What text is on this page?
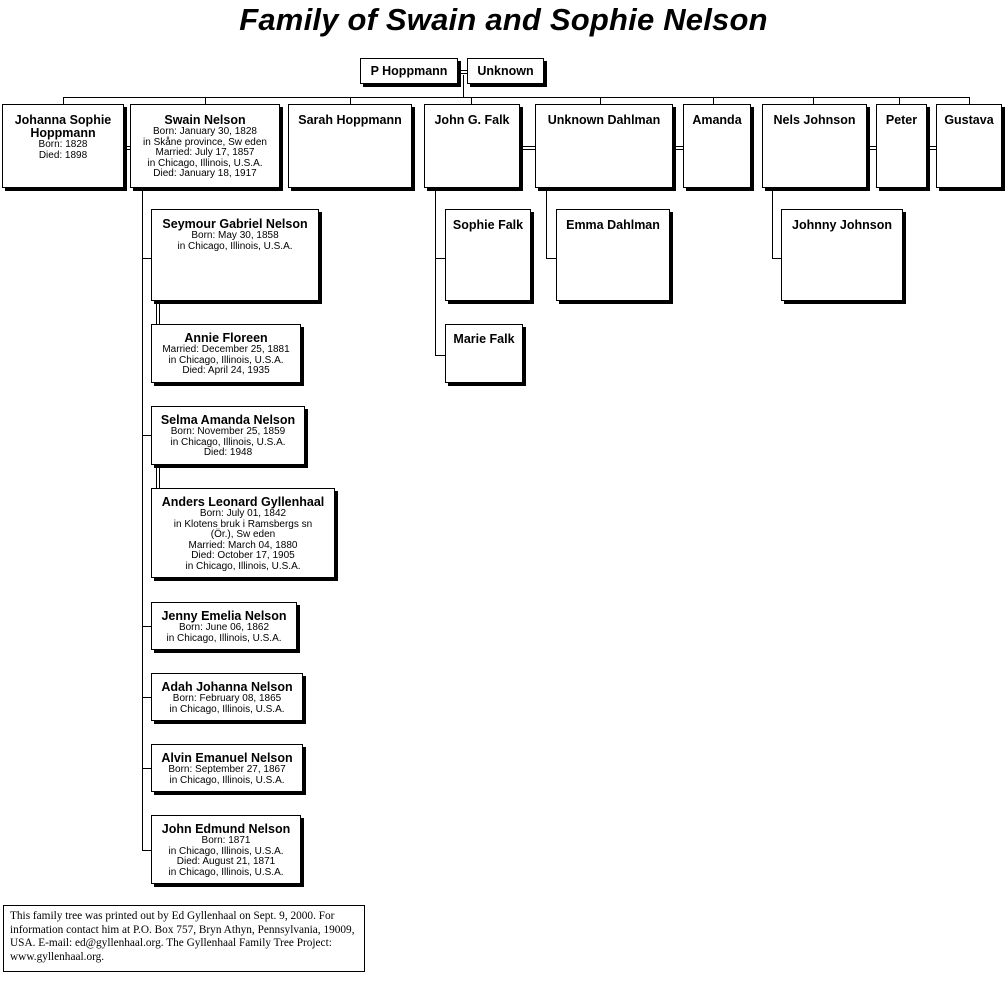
Family of Swain and Sophie Nelson
P Hoppmann	Unknown
Johanna Sophie Hoppmann
Born: 1828
Died: 1898
Swain Nelson
Born: January 30, 1828
in Skåne province, Sw eden
Married: July 17, 1857
in Chicago, Illinois, U.S.A.
Died: January 18, 1917
Sarah Hoppmann	John G. Falk	Unknown Dahlman	Amanda	Nels Johnson	Peter	Gustava
Seymour Gabriel Nelson
Born: May 30, 1858
in Chicago, Illinois, U.S.A.
Annie Floreen
Married: December 25, 1881
in Chicago, Illinois, U.S.A.
Died: April 24, 1935
Selma Amanda Nelson
Born: November 25, 1859
in Chicago, Illinois, U.S.A.
Died: 1948
Anders Leonard Gyllenhaal
Born: July 01, 1842
in Klotens bruk i Ramsbergs sn
(Ör.), Sw eden
Married: March 04, 1880
Died: October 17, 1905
in Chicago, Illinois, U.S.A.
Jenny Emelia Nelson
Born: June 06, 1862
in Chicago, Illinois, U.S.A.
Adah Johanna Nelson
Born: February 08, 1865
in Chicago, Illinois, U.S.A.
Alvin Emanuel Nelson
Born: September 27, 1867
in Chicago, Illinois, U.S.A.
John Edmund Nelson
Born: 1871
in Chicago, Illinois, U.S.A.
Died: August 21, 1871
in Chicago, Illinois, U.S.A.
Sophie Falk
Marie Falk
Emma Dahlman	Johnny Johnson
This family tree was printed out by Ed Gyllenhaal on Sept. 9, 2000. For information contact him at P.O. Box 757, Bryn Athyn, Pennsylvania, 19009, USA. E-mail: ed@gyllenhaal.org. The Gyllenhaal Family Tree Project: www.gyllenhaal.org.
